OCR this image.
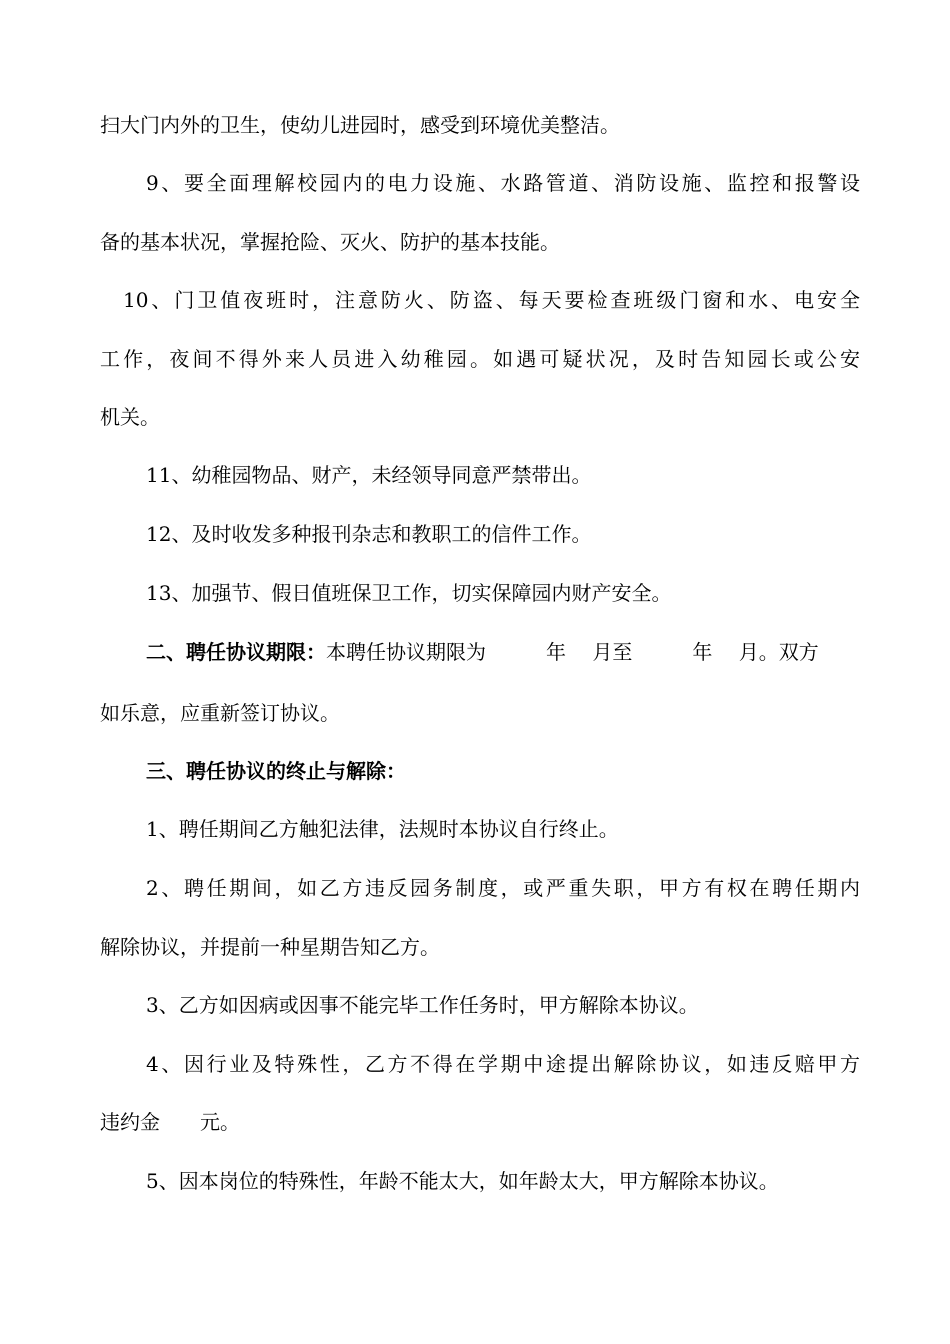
扫大门内外的卫生，使幼儿进园时，感受到环境优美整洁。
9、要全面理解校园内的电力设施、水路管道、消防设施、监控和报警设
备的基本状况，掌握抢险、灭火、防护的基本技能。
10、门卫值夜班时，注意防火、防盗、每天要检查班级门窗和水、电安全
工作，夜间不得外来人员进入幼稚园。如遇可疑状况，及时告知园长或公安
机关。
11、幼稚园物品、财产，未经领导同意严禁带出。
12、及时收发多种报刊杂志和教职工的信件工作。
13、加强节、假日值班保卫工作，切实保障园内财产安全。
二、聘任协议期限：本聘任协议期限为　　　年　 月至　　　年　 月。双方
如乐意，应重新签订协议。
三、聘任协议的终止与解除：
1、聘任期间乙方触犯法律，法规时本协议自行终止。
2、聘任期间，如乙方违反园务制度，或严重失职，甲方有权在聘任期内
解除协议，并提前一种星期告知乙方。
3、乙方如因病或因事不能完毕工作任务时，甲方解除本协议。
4、因行业及特殊性，乙方不得在学期中途提出解除协议，如违反赔甲方
违约金　　元。
5、因本岗位的特殊性，年龄不能太大，如年龄太大，甲方解除本协议。
